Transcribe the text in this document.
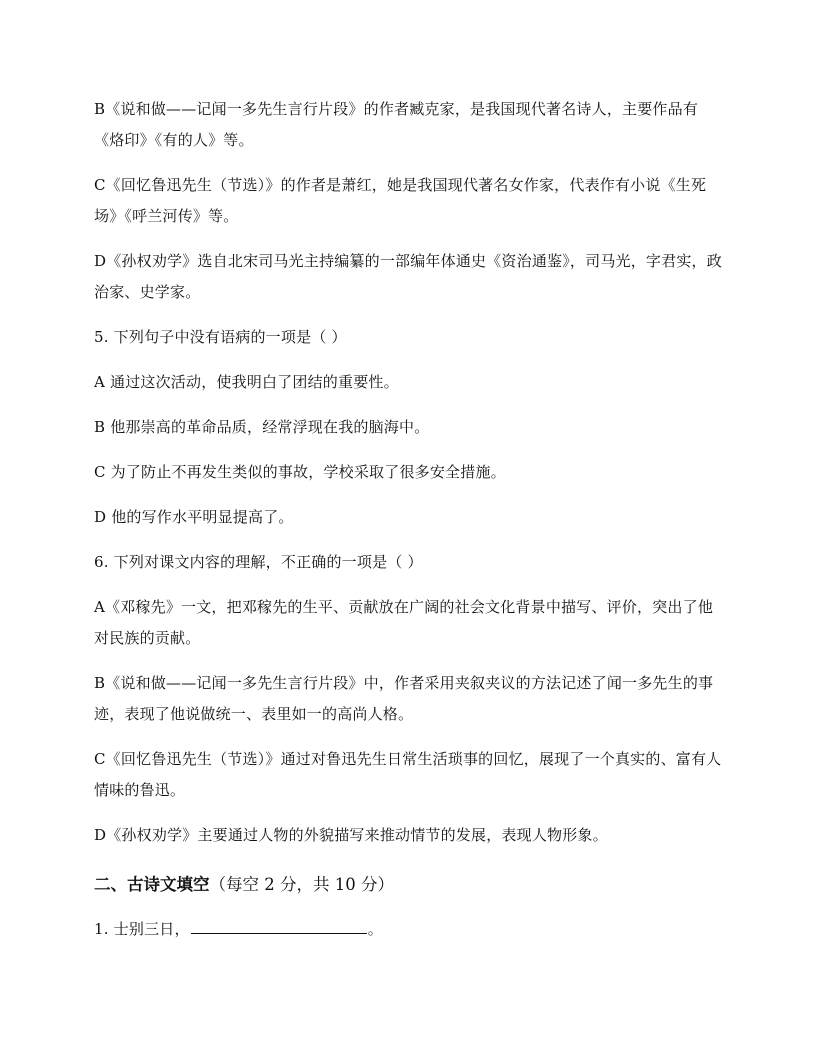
B《说和做——记闻一多先生言行片段》的作者臧克家，是我国现代著名诗人，主要作品有《烙印》《有的人》等。

C《回忆鲁迅先生（节选）》的作者是萧红，她是我国现代著名女作家，代表作有小说《生死场》《呼兰河传》等。

D《孙权劝学》选自北宋司马光主持编纂的一部编年体通史《资治通鉴》，司马光，字君实，政治家、史学家。

5. 下列句子中没有语病的一项是（ ）

A 通过这次活动，使我明白了团结的重要性。

B 他那崇高的革命品质，经常浮现在我的脑海中。

C 为了防止不再发生类似的事故，学校采取了很多安全措施。

D 他的写作水平明显提高了。

6. 下列对课文内容的理解，不正确的一项是（ ）

A《邓稼先》一文，把邓稼先的生平、贡献放在广阔的社会文化背景中描写、评价，突出了他对民族的贡献。

B《说和做——记闻一多先生言行片段》中，作者采用夹叙夹议的方法记述了闻一多先生的事迹，表现了他说做统一、表里如一的高尚人格。

C《回忆鲁迅先生（节选）》通过对鲁迅先生日常生活琐事的回忆，展现了一个真实的、富有人情味的鲁迅。

D《孙权劝学》主要通过人物的外貌描写来推动情节的发展，表现人物形象。

二、古诗文填空（每空 2 分，共 10 分）

1. 士别三日，	。
